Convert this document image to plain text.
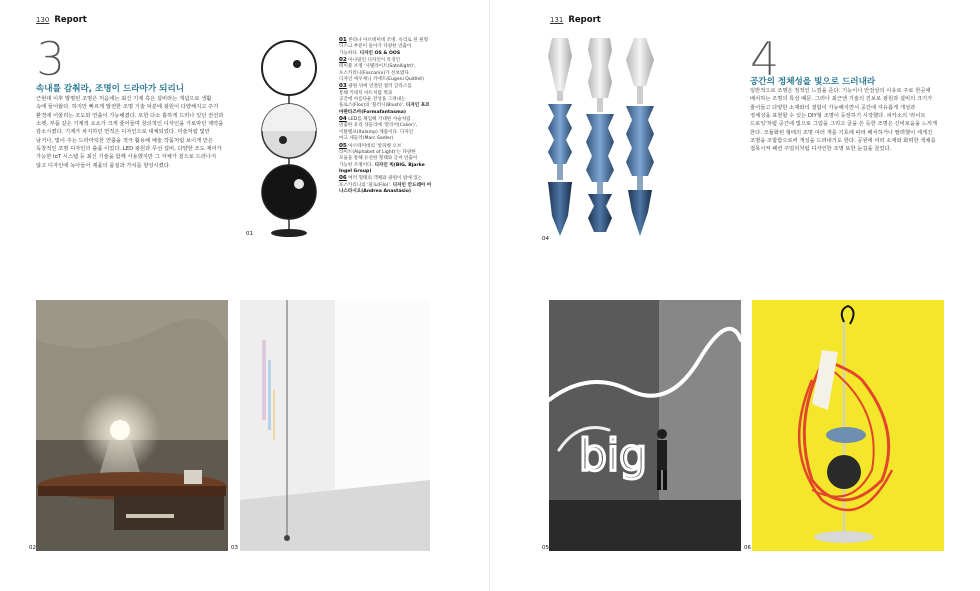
130 Report
3
속내를 감춰라, 조명이 드라마가 되리니
근현대 이후 발명된 조명은 처음에는 최신 기계 혹은 설비라는 개념으로 생활
속에 들어왔다. 하지만 빠르게 발전한 조명 기술 덕분에 광원이 다양해지고 주거
환경에 어울리는 조도와 연출이 가능해졌다. 또한 다소 흉하게 드러나 있던 전선과
소켓, 부품 같은 기계적 요소가 크게 줄어들며 창의적인 디자인을 가로막던 제약을
감소시켰다. 기계가 차지하던 면적은 디자인으로 대체되었다. 미술처럼 빛만
남거나, 빛이 주는 드라마틱한 연출을 적극 활용해 예술 작품처럼 보이게 만든
독창적인 조명 디자인의 출품 이었다. LED 광원과 무선 설비, 다양한 조도 제어가
가능한 IoT 시스템 등 최신 기술을 함께 사용했지만 그 자체가 겉으로 드러나지
않고 디자인에 녹아들어 제품의 품질과 가치를 향상시켰다.
01
01 론타나 아르테미데 조명. 유리로 된 원형
디스크 부분이 돌아가 다양한 연출이
가능하다. 디자인 OS & OOS
02 아나말린 디자인이 특징인
테이블 조명 '사텔라이트(Satellight)',
포스카리니(Foscarini)가 선보였다.
디자인 에우제니 키에트(Eugeni Quitllet)
03 광원 뒤에 연결된 컬러 글라스를
통해 키네틱 아트처럼 벽과
공간에 아름다운 잔상을 그려내는
플로스(Flos)의 '블러시(Blush)'. 디자인 포르마판타즈마(Formafantasma)
04 LED를 채입해 거대한 샤슬처럼
연출한 유리 샹들리에 '칼리어(Calier)',
이탈램프(Italamp) 제품이다. 디자인
마크 세들러(Marc Sadler)
05 아르테미데의 '알파벳 오브
라이트(Alphabet of Light)'는 다양한
모듈을 통해 유연한 형태와 글씨 연출이
가능한 조명이다. 디자인 빅(BIG, Bjarke Ingel Group)
06 여러 형태의 객체와 광원이 밖에 있는
포스카리니의 '필로(Filo)'. 디자인 안드레아 아나스타시오(Andrea Anastasio)
02	03
131 Report
04
4
공간의 정체성을 빛으로 드러내라
일반적으로 조명은 정적인 느낌을 준다. 기능이나 안전상의 이유로 주로 한곳에
배치하는 조명의 특성 때문. 그러나 최근엔 기술의 진보로 광원과 설비의 크기가
줄어들고 다양한 소재와의 결합이 가능해지면서 공간에 자유롭게 개성과
정체성을 표현할 수 있는 DIY형 조명이 등장하기 시작했다. 피카소의 '라이트
드로잉'처럼 공간에 빛으로 그림을 그리고 글을 쓴 듯한 조명은 신비로움을 느끼게
한다. 모듈화된 형태의 조명 여러 개를 기호에 따라 배치하거나 딸려했이 세게진
조명을 조합함으로써 개성을 드러내기도 한다. 공원에 여러 소재와 화려한 색채를
접목시켜 패션 주얼리처럼 디자인한 조명 또한 눈길을 끌었다.
big
05	06
